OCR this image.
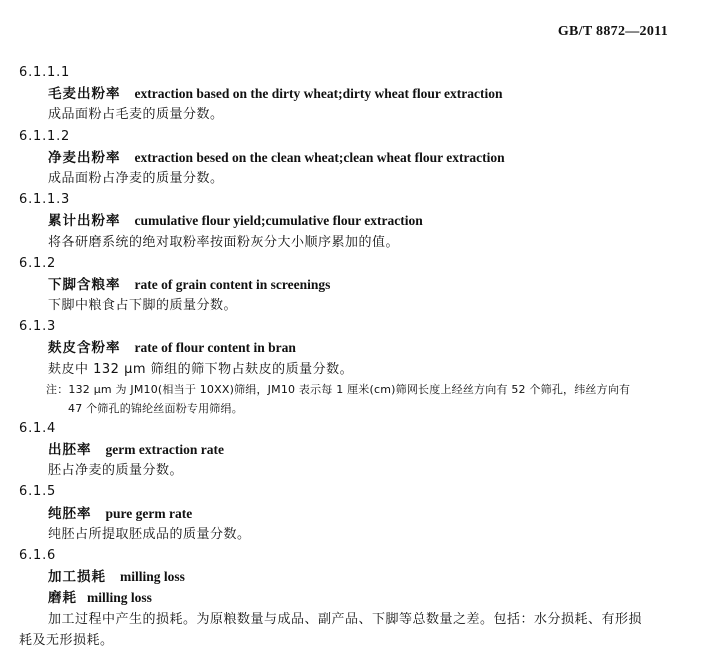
GB/T 8872—2011
6.1.1.1
毛麦出粉率 extraction based on the dirty wheat;dirty wheat flour extraction
成品面粉占毛麦的质量分数。
6.1.1.2
净麦出粉率 extraction besed on the clean wheat;clean wheat flour extraction
成品面粉占净麦的质量分数。
6.1.1.3
累计出粉率 cumulative flour yield;cumulative flour extraction
将各研磨系统的绝对取粉率按面粉灰分大小顺序累加的值。
6.1.2
下脚含粮率 rate of grain content in screenings
下脚中粮食占下脚的质量分数。
6.1.3
麸皮含粉率 rate of flour content in bran
麸皮中 132 μm 筛组的筛下物占麸皮的质量分数。
注：132 μm 为 JM10(相当于 10XX)筛绢，JM10 表示每 1 厘米(cm)筛网长度上经丝方向有 52 个筛孔，纬丝方向有
47 个筛孔的锦纶丝面粉专用筛绢。
6.1.4
出胚率 germ extraction rate
胚占净麦的质量分数。
6.1.5
纯胚率 pure germ rate
纯胚占所提取胚成品的质量分数。
6.1.6
加工损耗 milling loss
磨耗 milling loss
加工过程中产生的损耗。为原粮数量与成品、副产品、下脚等总数量之差。包括：水分损耗、有形损
耗及无形损耗。
